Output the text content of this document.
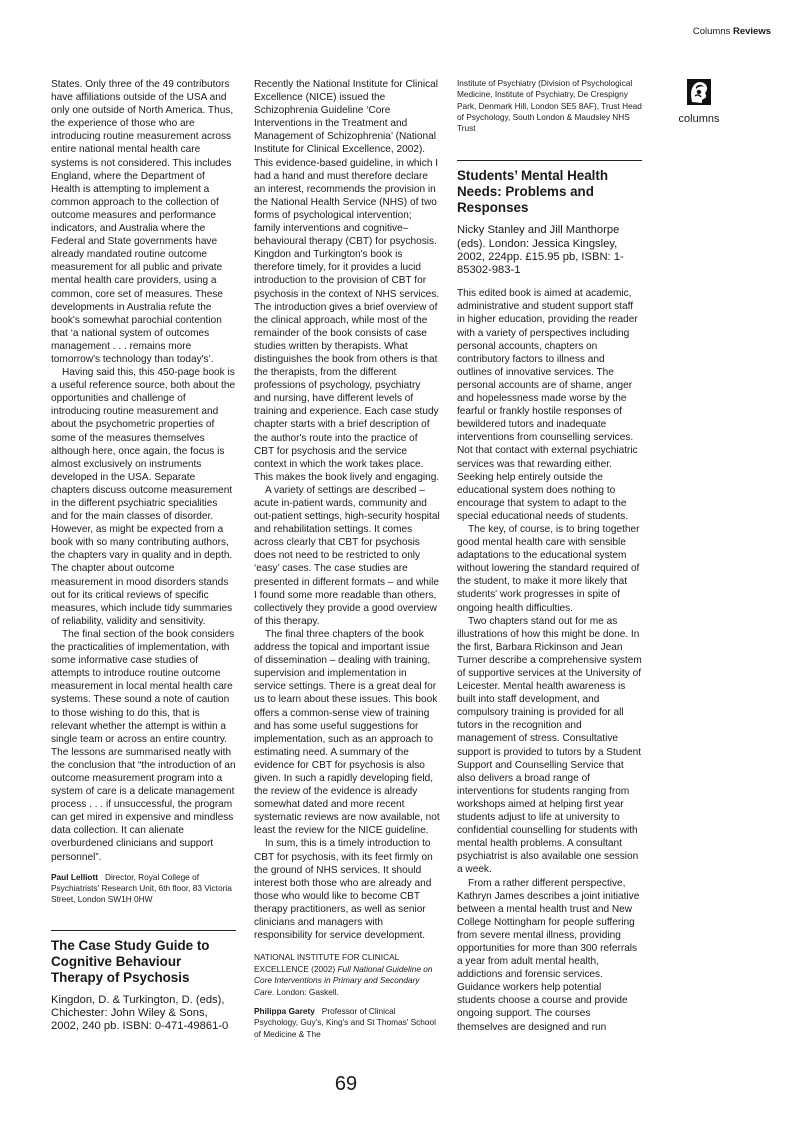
Columns Reviews
columns

States. Only three of the 49 contributors have affiliations outside of the USA and only one outside of North America. Thus, the experience of those who are introducing routine measurement across entire national mental health care systems is not considered. This includes England, where the Department of Health is attempting to implement a common approach to the collection of outcome measures and performance indicators, and Australia where the Federal and State governments have already mandated routine outcome measurement for all public and private mental health care providers, using a common, core set of measures. These developments in Australia refute the book's somewhat parochial contention that ‘a national system of outcomes management . . . remains more tomorrow's technology than today's’.

Having said this, this 450-page book is a useful reference source, both about the opportunities and challenge of introducing routine measurement and about the psychometric properties of some of the measures themselves although here, once again, the focus is almost exclusively on instruments developed in the USA. Separate chapters discuss outcome measurement in the different psychiatric specialities and for the main classes of disorder. However, as might be expected from a book with so many contributing authors, the chapters vary in quality and in depth. The chapter about outcome measurement in mood disorders stands out for its critical reviews of specific measures, which include tidy summaries of reliability, validity and sensitivity.

The final section of the book considers the practicalities of implementation, with some informative case studies of attempts to introduce routine outcome measurement in local mental health care systems. These sound a note of caution to those wishing to do this, that is relevant whether the attempt is within a single team or across an entire country. The lessons are summarised neatly with the conclusion that “the introduction of an outcome measurement program into a system of care is a delicate management process . . . if unsuccessful, the program can get mired in expensive and mindless data collection. It can alienate overburdened clinicians and support personnel”.

Paul Lelliott Director, Royal College of Psychiatrists' Research Unit, 6th floor, 83 Victoria Street, London SW1H 0HW

The Case Study Guide to Cognitive Behaviour Therapy of Psychosis

Kingdon, D. & Turkington, D. (eds), Chichester: John Wiley & Sons, 2002, 240 pb. ISBN: 0-471-49861-0

Recently the National Institute for Clinical Excellence (NICE) issued the Schizophrenia Guideline ‘Core Interventions in the Treatment and Management of Schizophrenia’ (National Institute for Clinical Excellence, 2002). This evidence-based guideline, in which I had a hand and must therefore declare an interest, recommends the provision in the National Health Service (NHS) of two forms of psychological intervention; family interventions and cognitive–behavioural therapy (CBT) for psychosis. Kingdon and Turkington's book is therefore timely, for it provides a lucid introduction to the provision of CBT for psychosis in the context of NHS services. The introduction gives a brief overview of the clinical approach, while most of the remainder of the book consists of case studies written by therapists. What distinguishes the book from others is that the therapists, from the different professions of psychology, psychiatry and nursing, have different levels of training and experience. Each case study chapter starts with a brief description of the author's route into the practice of CBT for psychosis and the service context in which the work takes place. This makes the book lively and engaging.

A variety of settings are described – acute in-patient wards, community and out-patient settings, high-security hospital and rehabilitation settings. It comes across clearly that CBT for psychosis does not need to be restricted to only ‘easy’ cases. The case studies are presented in different formats – and while I found some more readable than others, collectively they provide a good overview of this therapy.

The final three chapters of the book address the topical and important issue of dissemination – dealing with training, supervision and implementation in service settings. There is a great deal for us to learn about these issues. This book offers a common-sense view of training and has some useful suggestions for implementation, such as an approach to estimating need. A summary of the evidence for CBT for psychosis is also given. In such a rapidly developing field, the review of the evidence is already somewhat dated and more recent systematic reviews are now available, not least the review for the NICE guideline.

In sum, this is a timely introduction to CBT for psychosis, with its feet firmly on the ground of NHS services. It should interest both those who are already and those who would like to become CBT therapy practitioners, as well as senior clinicians and managers with responsibility for service development.

NATIONAL INSTITUTE FOR CLINICAL EXCELLENCE (2002) Full National Guideline on Core Interventions in Primary and Secondary Care. London: Gaskell.

Philippa Garety Professor of Clinical Psychology, Guy's, King's and St Thomas' School of Medicine & The

Institute of Psychiatry (Division of Psychological Medicine, Institute of Psychiatry, De Crespigny Park, Denmark Hill, London SE5 8AF), Trust Head of Psychology, South London & Maudsley NHS Trust

Students’ Mental Health Needs: Problems and Responses

Nicky Stanley and Jill Manthorpe (eds). London: Jessica Kingsley, 2002, 224pp. £15.95 pb, ISBN: 1-85302-983-1

This edited book is aimed at academic, administrative and student support staff in higher education, providing the reader with a variety of perspectives including personal accounts, chapters on contributory factors to illness and outlines of innovative services. The personal accounts are of shame, anger and hopelessness made worse by the fearful or frankly hostile responses of bewildered tutors and inadequate interventions from counselling services. Not that contact with external psychiatric services was that rewarding either. Seeking help entirely outside the educational system does nothing to encourage that system to adapt to the special educational needs of students.

The key, of course, is to bring together good mental health care with sensible adaptations to the educational system without lowering the standard required of the student, to make it more likely that students' work progresses in spite of ongoing health difficulties.

Two chapters stand out for me as illustrations of how this might be done. In the first, Barbara Rickinson and Jean Turner describe a comprehensive system of supportive services at the University of Leicester. Mental health awareness is built into staff development, and compulsory training is provided for all tutors in the recognition and management of stress. Consultative support is provided to tutors by a Student Support and Counselling Service that also delivers a broad range of interventions for students ranging from workshops aimed at helping first year students adjust to life at university to confidential counselling for students with mental health problems. A consultant psychiatrist is also available one session a week.

From a rather different perspective, Kathryn James describes a joint initiative between a mental health trust and New College Nottingham for people suffering from severe mental illness, providing opportunities for more than 300 referrals a year from adult mental health, addictions and forensic services. Guidance workers help potential students choose a course and provide ongoing support. The courses themselves are designed and run

69
